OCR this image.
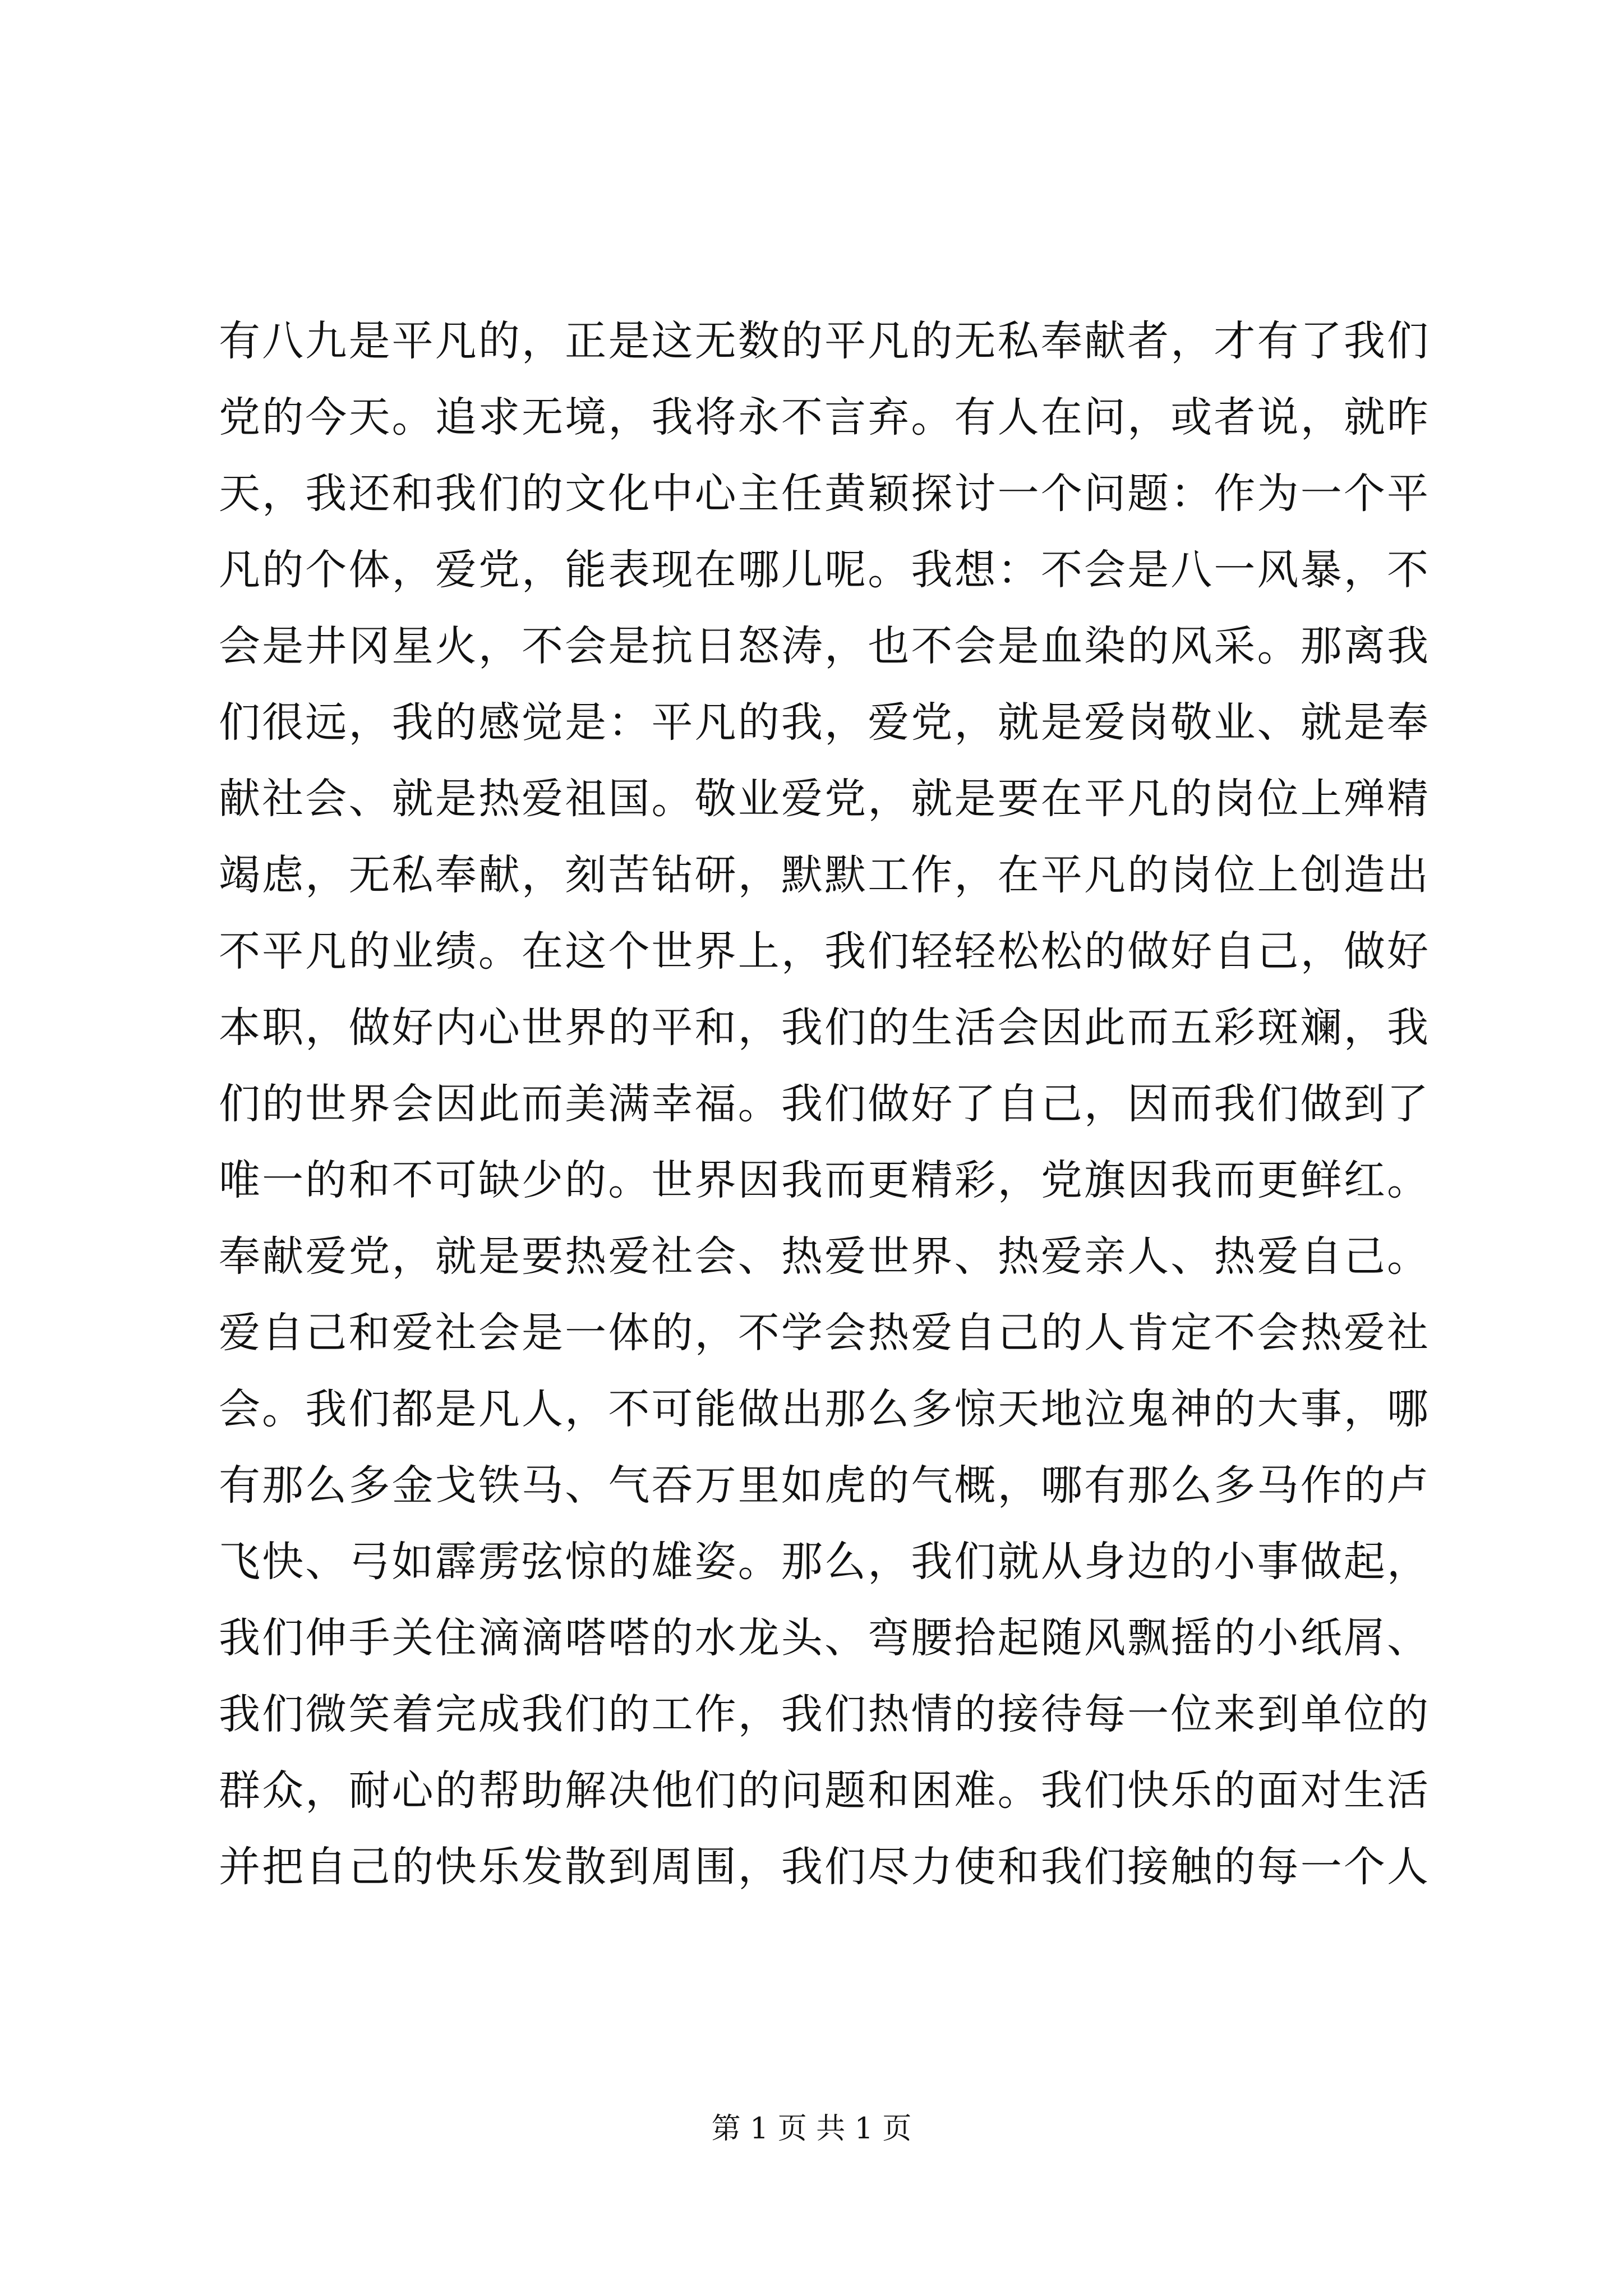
有八九是平凡的，正是这无数的平凡的无私奉献者，才有了我们
党的今天。追求无境，我将永不言弃。有人在问，或者说，就昨
天，我还和我们的文化中心主任黄颖探讨一个问题：作为一个平
凡的个体，爱党，能表现在哪儿呢。我想：不会是八一风暴，不
会是井冈星火，不会是抗日怒涛，也不会是血染的风采。那离我
们很远，我的感觉是：平凡的我，爱党，就是爱岗敬业、就是奉
献社会、就是热爱祖国。敬业爱党，就是要在平凡的岗位上殚精
竭虑，无私奉献，刻苦钻研，默默工作，在平凡的岗位上创造出
不平凡的业绩。在这个世界上，我们轻轻松松的做好自己，做好
本职，做好内心世界的平和，我们的生活会因此而五彩斑斓，我
们的世界会因此而美满幸福。我们做好了自己，因而我们做到了
唯一的和不可缺少的。世界因我而更精彩，党旗因我而更鲜红。
奉献爱党，就是要热爱社会、热爱世界、热爱亲人、热爱自己。
爱自己和爱社会是一体的，不学会热爱自己的人肯定不会热爱社
会。我们都是凡人，不可能做出那么多惊天地泣鬼神的大事，哪
有那么多金戈铁马、气吞万里如虎的气概，哪有那么多马作的卢
飞快、弓如霹雳弦惊的雄姿。那么，我们就从身边的小事做起，
我们伸手关住滴滴嗒嗒的水龙头、弯腰拾起随风飘摇的小纸屑、
我们微笑着完成我们的工作，我们热情的接待每一位来到单位的
群众，耐心的帮助解决他们的问题和困难。我们快乐的面对生活
并把自己的快乐发散到周围，我们尽力使和我们接触的每一个人
第 1 页 共 1 页
